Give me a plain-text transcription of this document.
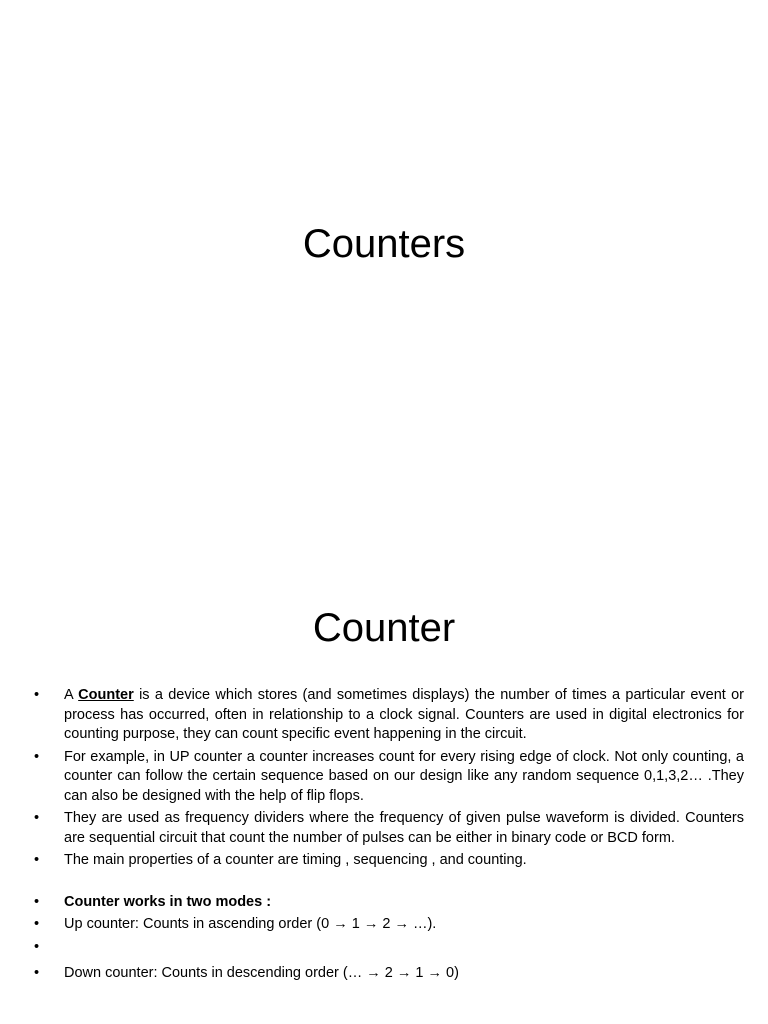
Counters
Counter
• A Counter is a device which stores (and sometimes displays) the number of times a particular event or process has occurred, often in relationship to a clock signal. Counters are used in digital electronics for counting purpose, they can count specific event happening in the circuit.
• For example, in UP counter a counter increases count for every rising edge of clock. Not only counting, a counter can follow the certain sequence based on our design like any random sequence 0,1,3,2… .They can also be designed with the help of flip flops.
• They are used as frequency dividers where the frequency of given pulse waveform is divided. Counters are sequential circuit that count the number of pulses can be either in binary code or BCD form.
• The main properties of a counter are timing , sequencing , and counting.
• Counter works in two modes :
• Up counter: Counts in ascending order (0 → 1 → 2 → …).
•
• Down counter: Counts in descending order (… → 2 → 1 → 0)
